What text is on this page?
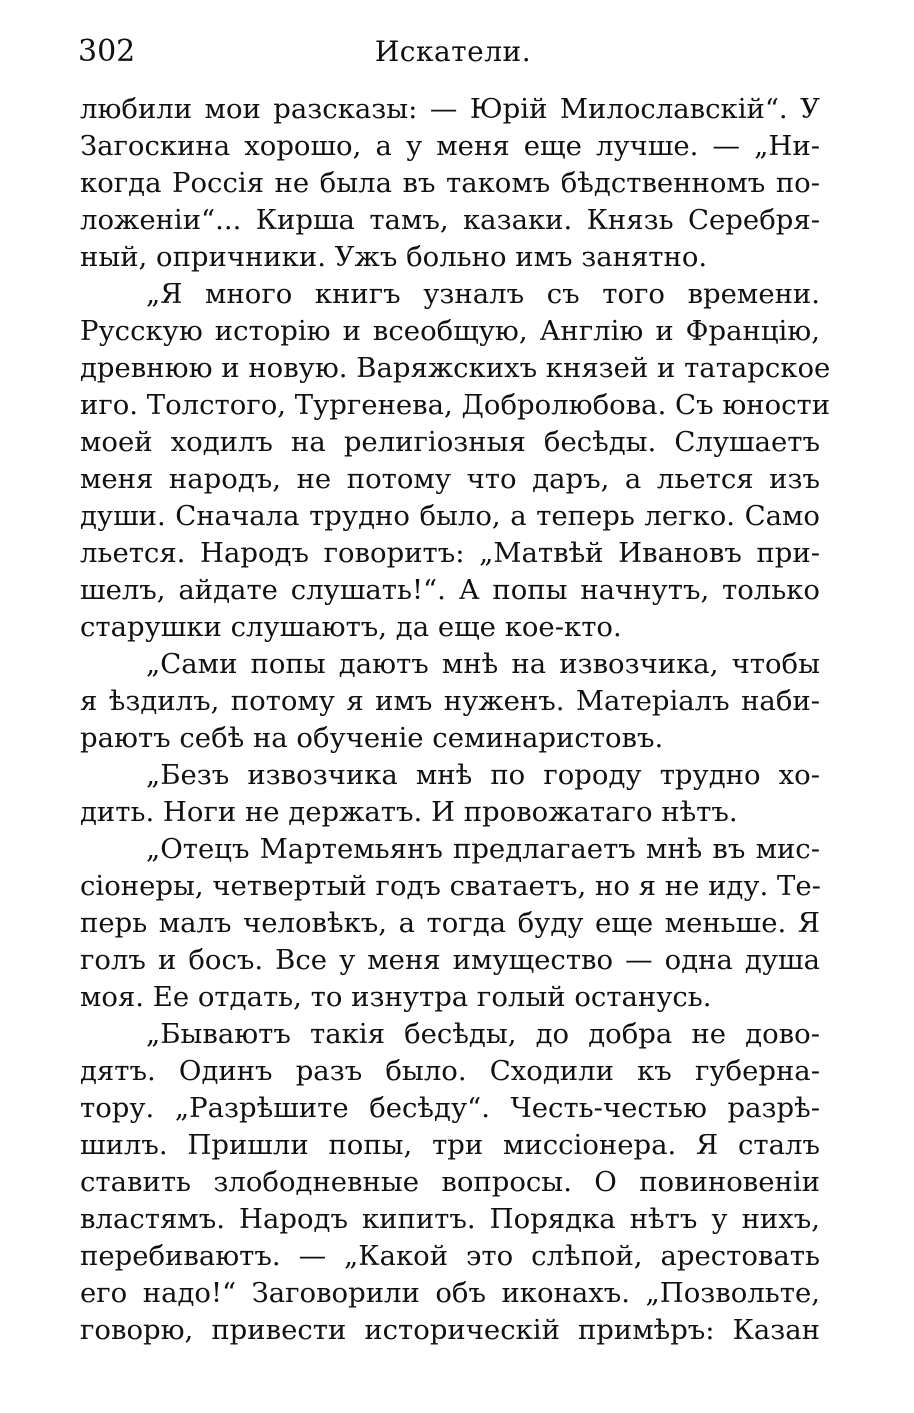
302	Искатели.
любили мои разсказы: — Юрій Милославскій“. У
Загоскина хорошо, а у меня еще лучше. — „Ни-
когда Россія не была въ такомъ бѣдственномъ по-
ложеніи“... Кирша тамъ, казаки. Князь Серебря-
ный, опричники. Ужъ больно имъ занятно.
„Я много книгъ узналъ съ того времени.
Русскую исторію и всеобщую, Англію и Францію,
древнюю и новую. Варяжскихъ князей и татарское
иго. Толстого, Тургенева, Добролюбова. Съ юности
моей ходилъ на религіозныя бесѣды. Слушаетъ
меня народъ, не потому что даръ, а льется изъ
души. Сначала трудно было, а теперь легко. Само
льется. Народъ говоритъ: „Матвѣй Ивановъ при-
шелъ, айдате слушать!“. А попы начнутъ, только
старушки слушаютъ, да еще кое-кто.
„Сами попы даютъ мнѣ на извозчика, чтобы
я ѣздилъ, потому я имъ нуженъ. Матеріалъ наби-
раютъ себѣ на обученіе семинаристовъ.
„Безъ извозчика мнѣ по городу трудно хо-
дить. Ноги не держатъ. И провожатаго нѣтъ.
„Отецъ Мартемьянъ предлагаетъ мнѣ въ мис-
сіонеры, четвертый годъ сватаетъ, но я не иду. Те-
перь малъ человѣкъ, а тогда буду еще меньше. Я
голъ и босъ. Все у меня имущество — одна душа
моя. Ее отдать, то изнутра голый останусь.
„Бываютъ такія бесѣды, до добра не дово-
дятъ. Одинъ разъ было. Сходили къ губерна-
тору. „Разрѣшите бесѣду“. Честь-честью разрѣ-
шилъ. Пришли попы, три миссіонера. Я сталъ
ставить злободневные вопросы. О повиновеніи
властямъ. Народъ кипитъ. Порядка нѣтъ у нихъ,
перебиваютъ. — „Какой это слѣпой, арестовать
его надо!“ Заговорили объ иконахъ. „Позвольте,
говорю, привести историческій примѣръ: Казан
